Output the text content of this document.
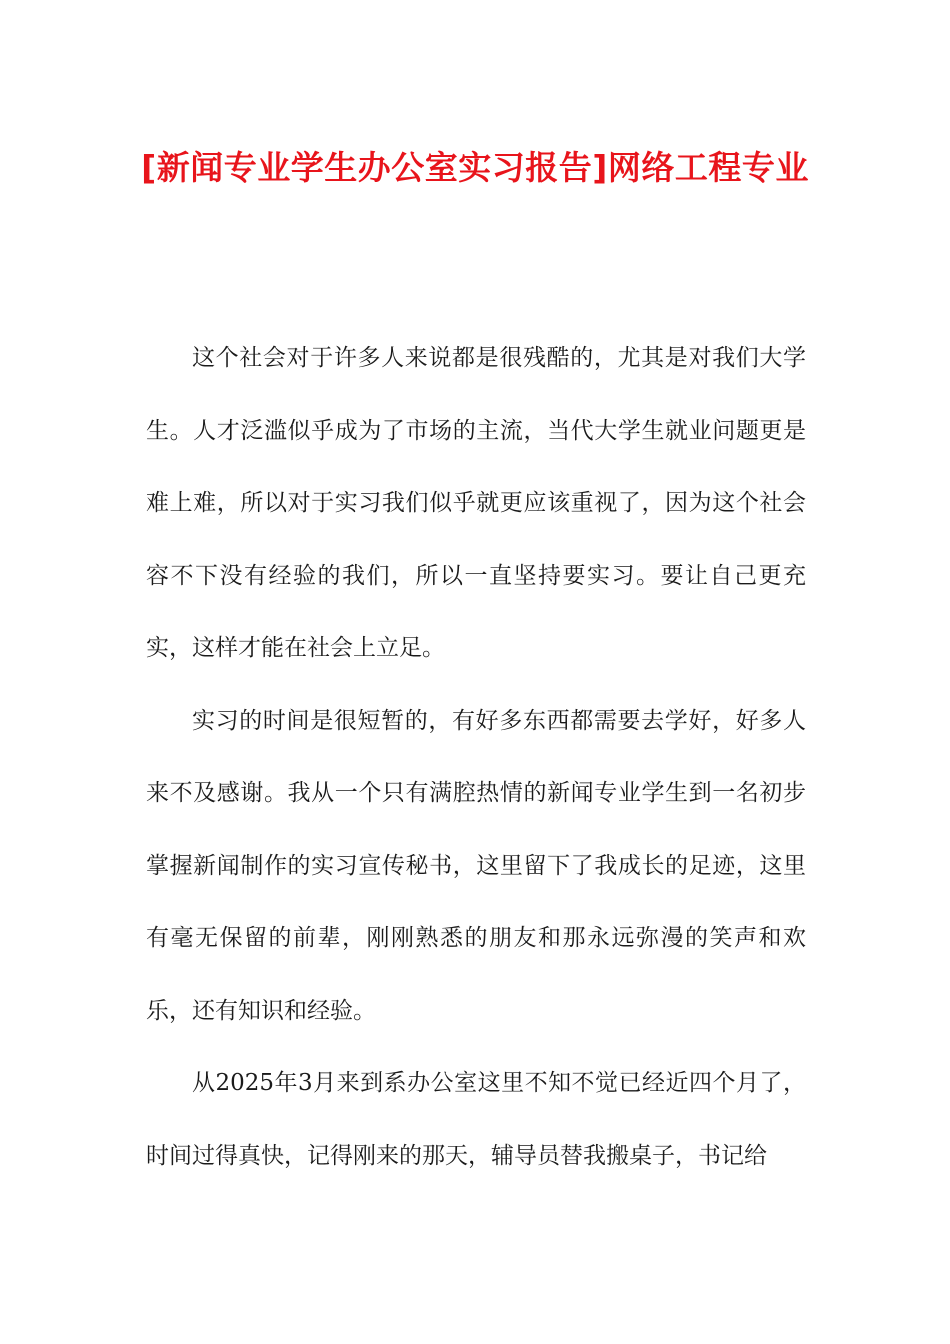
[新闻专业学生办公室实习报告]网络工程专业

这个社会对于许多人来说都是很残酷的，尤其是对我们大学生。人才泛滥似乎成为了市场的主流，当代大学生就业问题更是难上难，所以对于实习我们似乎就更应该重视了，因为这个社会容不下没有经验的我们，所以一直坚持要实习。要让自己更充实，这样才能在社会上立足。

实习的时间是很短暂的，有好多东西都需要去学好，好多人来不及感谢。我从一个只有满腔热情的新闻专业学生到一名初步掌握新闻制作的实习宣传秘书，这里留下了我成长的足迹，这里有毫无保留的前辈，刚刚熟悉的朋友和那永远弥漫的笑声和欢乐，还有知识和经验。

从2025年3月来到系办公室这里不知不觉已经近四个月了，时间过得真快，记得刚来的那天，辅导员替我搬桌子，书记给
